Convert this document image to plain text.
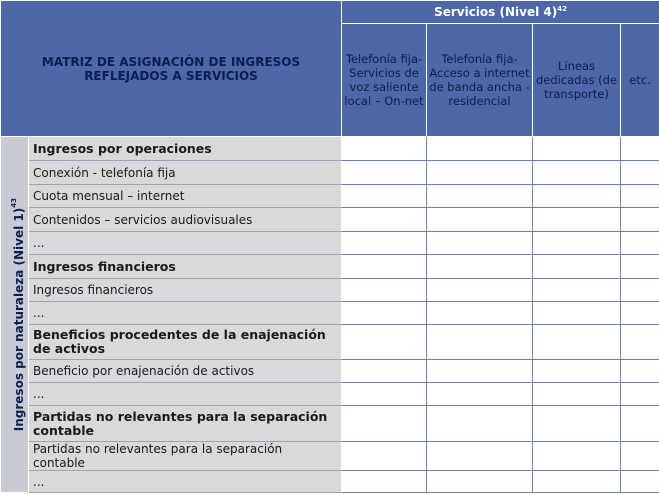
MATRIZ DE ASIGNACIÓN DE INGRESOS REFLEJADOS A SERVICIOS		Servicios (Nivel 4)$^{42}$
		Telefonía fija-Servicios de voz saliente local – On-net	Telefonía fija-Acceso a internet de banda ancha - residencial	Líneas dedicadas (de transporte)	etc.

Ingresos por naturaleza (Nivel 1)$^{43}$	Ingresos por operaciones				
	Conexión - telefonía fija				
	Cuota mensual – internet				
	Contenidos – servicios audiovisuales				
	...				
	Ingresos financieros				
	Ingresos financieros				
	...				
	Beneficios procedentes de la enajenación de activos				
	Beneficio por enajenación de activos				
	...				
	Partidas no relevantes para la separación contable				
	Partidas no relevantes para la separación contable				
	...				
